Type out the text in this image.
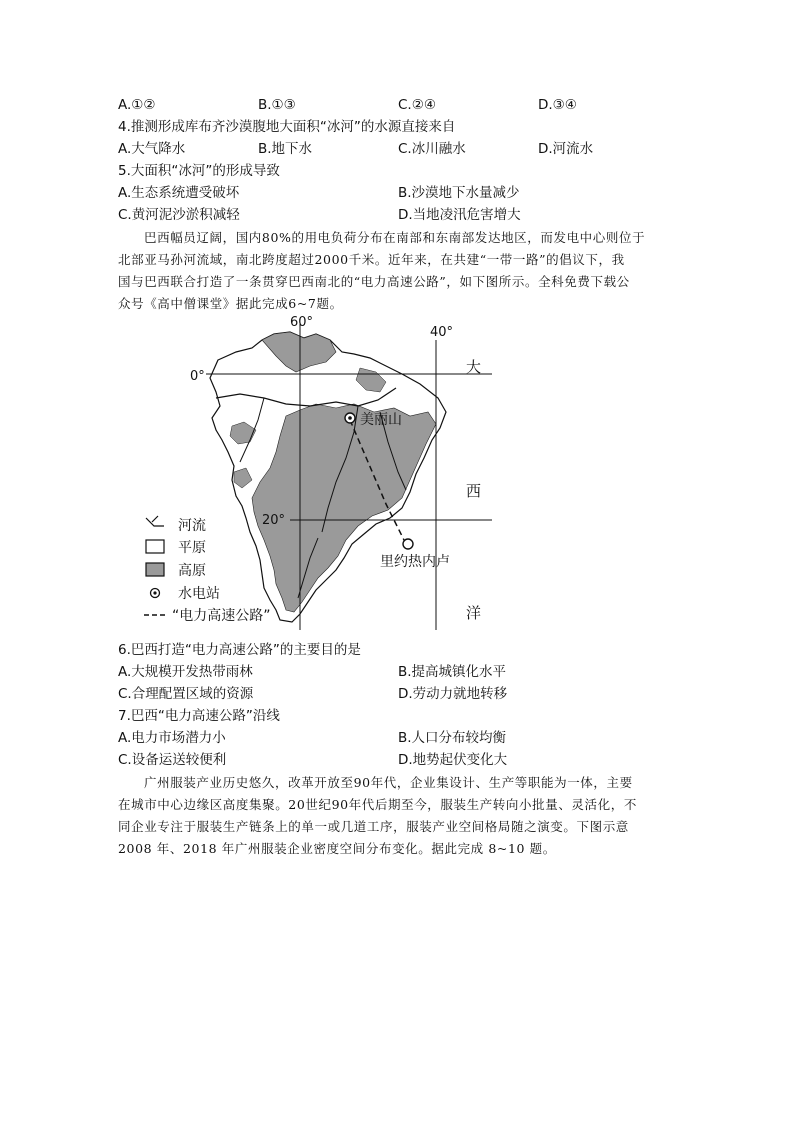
A.①②	B.①③	C.②④	D.③④
4.推测形成库布齐沙漠腹地大面积“冰河”的水源直接来自
A.大气降水	B.地下水	C.冰川融水	D.河流水
5.大面积“冰河”的形成导致
A.生态系统遭受破坏	B.沙漠地下水量减少
C.黄河泥沙淤积减轻	D.当地凌汛危害增大
巴西幅员辽阔，国内80%的用电负荷分布在南部和东南部发达地区，而发电中心则位于
北部亚马孙河流域，南北跨度超过2000千米。近年来，在共建“一带一路”的倡议下，我
国与巴西联合打造了一条贯穿巴西南北的“电力高速公路”，如下图所示。全科免费下载公
众号《高中僧课堂》据此完成6~7题。
60°
40°
0°
20°
大
西
洋
美丽山
里约热内卢
河流
平原
高原
水电站
“电力高速公路”
6.巴西打造“电力高速公路”的主要目的是
A.大规模开发热带雨林	B.提高城镇化水平
C.合理配置区域的资源	D.劳动力就地转移
7.巴西“电力高速公路”沿线
A.电力市场潜力小	B.人口分布较均衡
C.设备运送较便利	D.地势起伏变化大
广州服装产业历史悠久，改革开放至90年代，企业集设计、生产等职能为一体，主要
在城市中心边缘区高度集聚。20世纪90年代后期至今，服装生产转向小批量、灵活化，不
同企业专注于服装生产链条上的单一或几道工序，服装产业空间格局随之演变。下图示意
2008 年、2018 年广州服装企业密度空间分布变化。据此完成 8~10 题。
